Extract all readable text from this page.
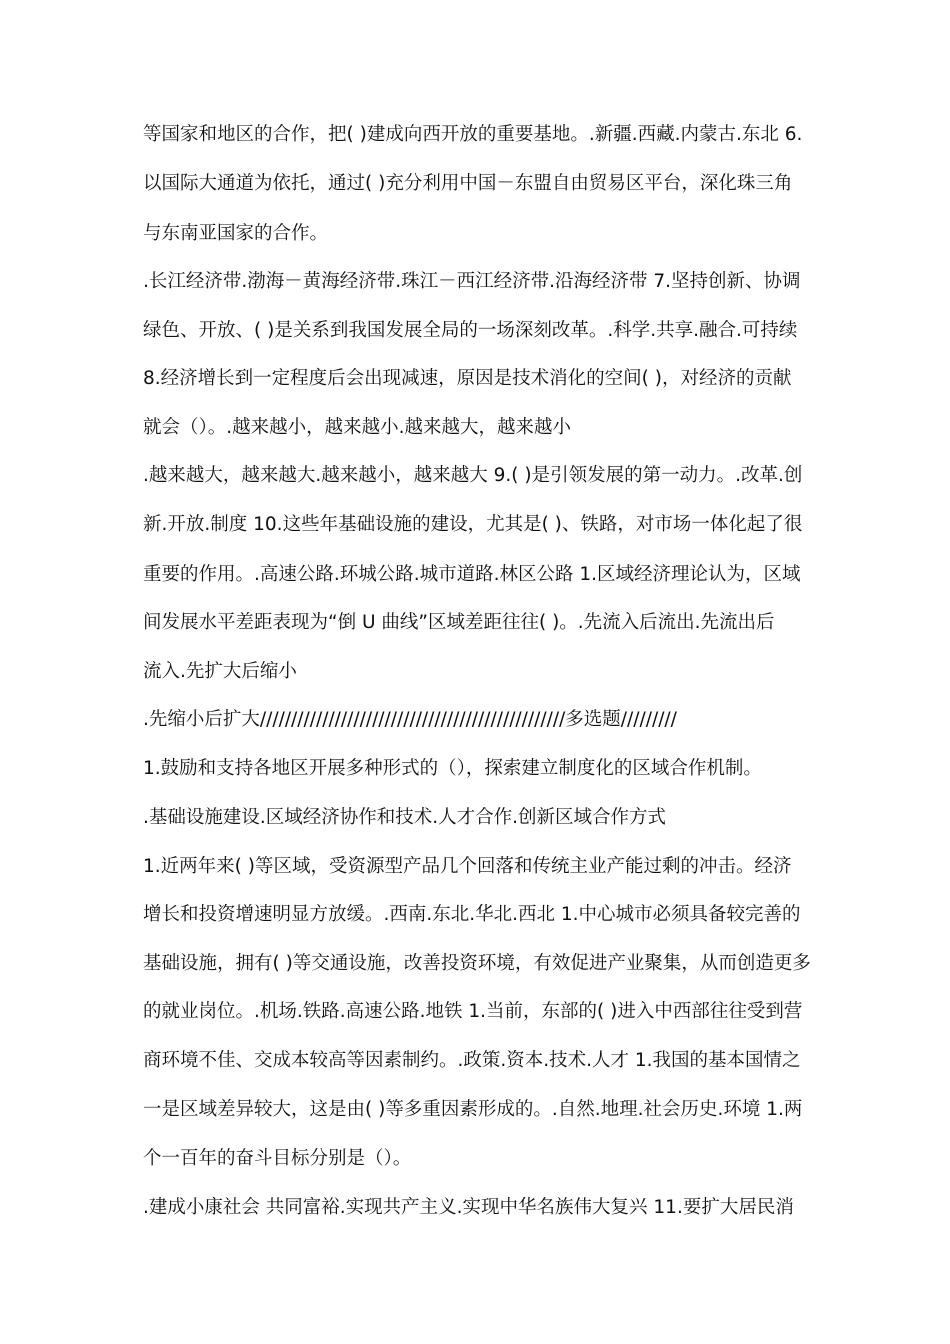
等国家和地区的合作，把( )建成向西开放的重要基地。.新疆.西藏.内蒙古.东北 6.
以国际大通道为依托，通过( )充分利用中国－东盟自由贸易区平台，深化珠三角
与东南亚国家的合作。
.长江经济带.渤海－黄海经济带.珠江－西江经济带.沿海经济带 7.坚持创新、协调
绿色、开放、( )是关系到我国发展全局的一场深刻改革。.科学.共享.融合.可持续
8.经济增长到一定程度后会出现减速，原因是技术消化的空间( )，对经济的贡献
就会（）。.越来越小，越来越小.越来越大，越来越小
.越来越大，越来越大.越来越小，越来越大 9.( )是引领发展的第一动力。.改革.创
新.开放.制度 10.这些年基础设施的建设，尤其是( )、铁路，对市场一体化起了很
重要的作用。.高速公路.环城公路.城市道路.林区公路 1.区域经济理论认为，区域
间发展水平差距表现为“倒 U 曲线”区域差距往往( )。.先流入后流出.先流出后
流入.先扩大后缩小
.先缩小后扩大/////////////////////////////////////////////////多选题/////////
1.鼓励和支持各地区开展多种形式的（），探索建立制度化的区域合作机制。
.基础设施建设.区域经济协作和技术.人才合作.创新区域合作方式
1.近两年来( )等区域，受资源型产品几个回落和传统主业产能过剩的冲击。经济
增长和投资增速明显方放缓。.西南.东北.华北.西北 1.中心城市必须具备较完善的
基础设施，拥有( )等交通设施，改善投资环境，有效促进产业聚集，从而创造更多
的就业岗位。.机场.铁路.高速公路.地铁 1.当前，东部的( )进入中西部往往受到营
商环境不佳、交成本较高等因素制约。.政策.资本.技术.人才 1.我国的基本国情之
一是区域差异较大，这是由( )等多重因素形成的。.自然.地理.社会历史.环境 1.两
个一百年的奋斗目标分别是（）。
.建成小康社会 共同富裕.实现共产主义.实现中华名族伟大复兴 11.要扩大居民消
